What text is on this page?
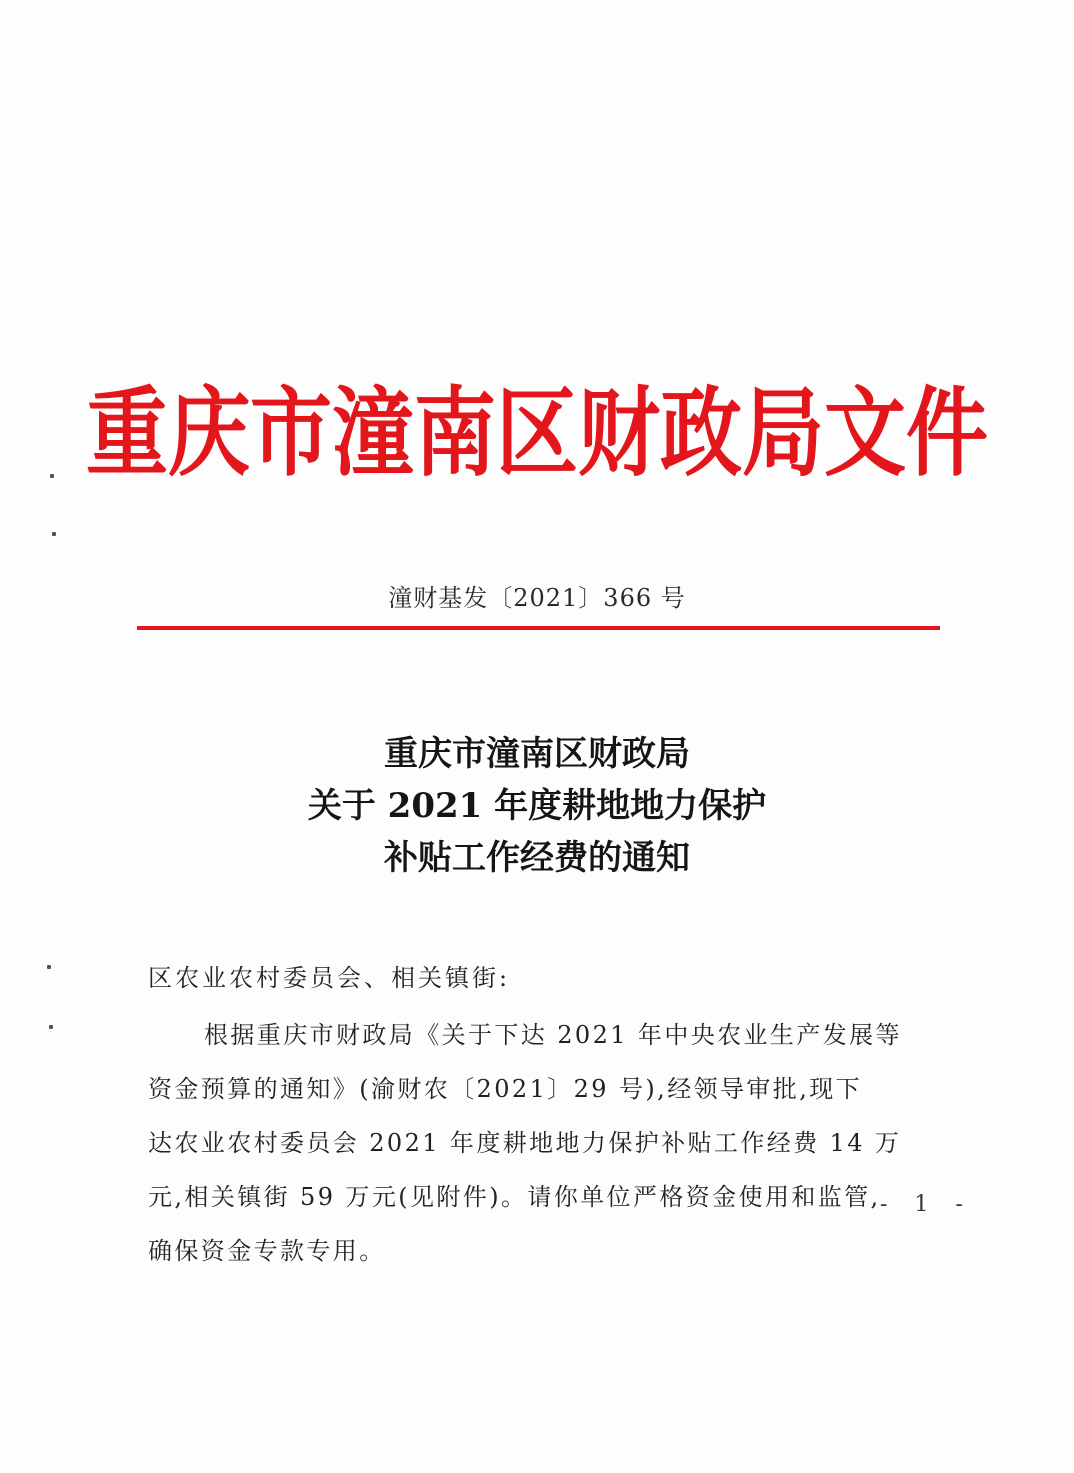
重庆市潼南区财政局文件
潼财基发〔2021〕366 号
重庆市潼南区财政局
关于 2021 年度耕地地力保护
补贴工作经费的通知
区农业农村委员会、相关镇街:
根据重庆市财政局《关于下达 2021 年中央农业生产发展等
资金预算的通知》(渝财农〔2021〕29 号),经领导审批,现下
达农业农村委员会 2021 年度耕地地力保护补贴工作经费 14 万
元,相关镇街 59 万元(见附件)。请你单位严格资金使用和监管,
确保资金专款专用。
- 1 -
